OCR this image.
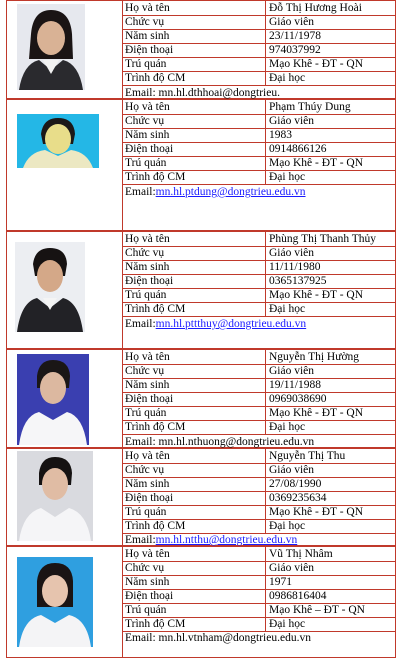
Họ và tên	Đỗ Thị Hương Hoài
Chức vụ	Giáo viên
Năm sinh	23/11/1978
Điện thoại	974037992
Trú quán	Mạo Khê - ĐT - QN
Trình độ CM	Đại học
Email: mn.hl.dthhoai@dongtrieu.
Họ và tên	Phạm Thúy Dung
Chức vụ	Giáo viên
Năm sinh	1983
Điện thoại	0914866126
Trú quán	Mạo Khê - ĐT - QN
Trình độ CM	Đại học
Email:mn.hl.ptdung@dongtrieu.edu.vn
Họ và tên	Phùng Thị Thanh Thủy
Chức vụ	Giáo viên
Năm sinh	11/11/1980
Điện thoại	0365137925
Trú quán	Mạo Khê - ĐT - QN
Trình độ CM	Đại học
Email:mn.hl.pttthuy@dongtrieu.edu.vn
Họ và tên	Nguyễn Thị Hường
Chức vụ	Giáo viên
Năm sinh	19/11/1988
Điện thoại	0969038690
Trú quán	Mạo Khê - ĐT - QN
Trình độ CM	Đại học
Email: mn.hl.nthuong@dongtrieu.edu.vn
Họ và tên	Nguyễn Thị Thu
Chức vụ	Giáo viên
Năm sinh	27/08/1990
Điện thoại	0369235634
Trú quán	Mạo Khê - ĐT - QN
Trình độ CM	Đại học
Email:mn.hl.ntthu@dongtrieu.edu.vn
Họ và tên	Vũ Thị Nhâm
Chức vụ	Giáo viên
Năm sinh	1971
Điện thoại	0986816404
Trú quán	Mạo Khê – ĐT - QN
Trình độ CM	Đại học
Email: mn.hl.vtnham@dongtrieu.edu.vn
